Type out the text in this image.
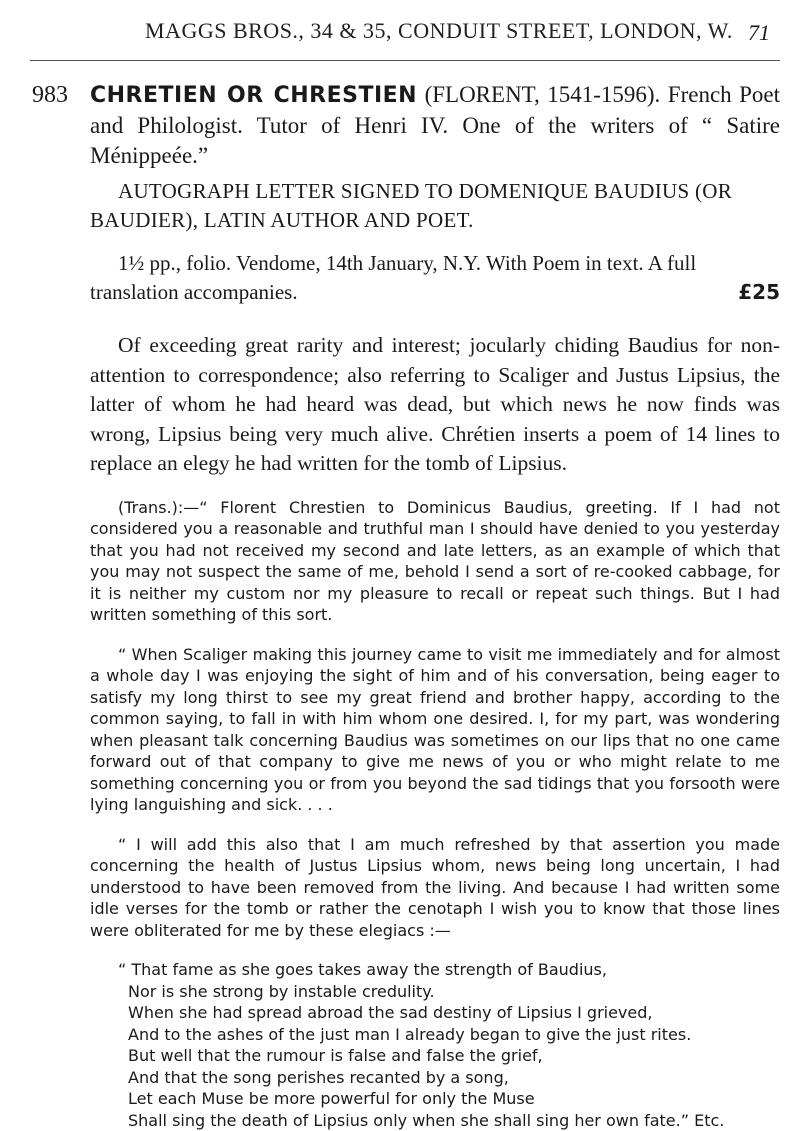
MAGGS BROS., 34 & 35, CONDUIT STREET, LONDON, W. 71
983 CHRETIEN OR CHRESTIEN (FLORENT, 1541-1596). French Poet and Philologist. Tutor of Henri IV. One of the writers of “ Satire Ménippeée.”

AUTOGRAPH LETTER SIGNED TO DOMENIQUE BAUDIUS (OR BAUDIER), LATIN AUTHOR AND POET.

1½ pp., folio. Vendome, 14th January, N.Y. With Poem in text. A full translation accompanies.	£25

Of exceeding great rarity and interest; jocularly chiding Baudius for non-attention to correspondence; also referring to Scaliger and Justus Lipsius, the latter of whom he had heard was dead, but which news he now finds was wrong, Lipsius being very much alive. Chrétien inserts a poem of 14 lines to replace an elegy he had written for the tomb of Lipsius.

(Trans.):—“ Florent Chrestien to Dominicus Baudius, greeting. If I had not considered you a reasonable and truthful man I should have denied to you yesterday that you had not received my second and late letters, as an example of which that you may not suspect the same of me, behold I send a sort of re-cooked cabbage, for it is neither my custom nor my pleasure to recall or repeat such things. But I had written something of this sort.

“ When Scaliger making this journey came to visit me immediately and for almost a whole day I was enjoying the sight of him and of his conversation, being eager to satisfy my long thirst to see my great friend and brother happy, according to the common saying, to fall in with him whom one desired. I, for my part, was wondering when pleasant talk concerning Baudius was sometimes on our lips that no one came forward out of that company to give me news of you or who might relate to me something concerning you or from you beyond the sad tidings that you forsooth were lying languishing and sick. . . .

“ I will add this also that I am much refreshed by that assertion you made concerning the health of Justus Lipsius whom, news being long uncertain, I had understood to have been removed from the living. And because I had written some idle verses for the tomb or rather the cenotaph I wish you to know that those lines were obliterated for me by these elegiacs :—

“ That fame as she goes takes away the strength of Baudius,
Nor is she strong by instable credulity.
When she had spread abroad the sad destiny of Lipsius I grieved,
And to the ashes of the just man I already began to give the just rites.
But well that the rumour is false and false the grief,
And that the song perishes recanted by a song,
Let each Muse be more powerful for only the Muse
Shall sing the death of Lipsius only when she shall sing her own fate.” Etc.
